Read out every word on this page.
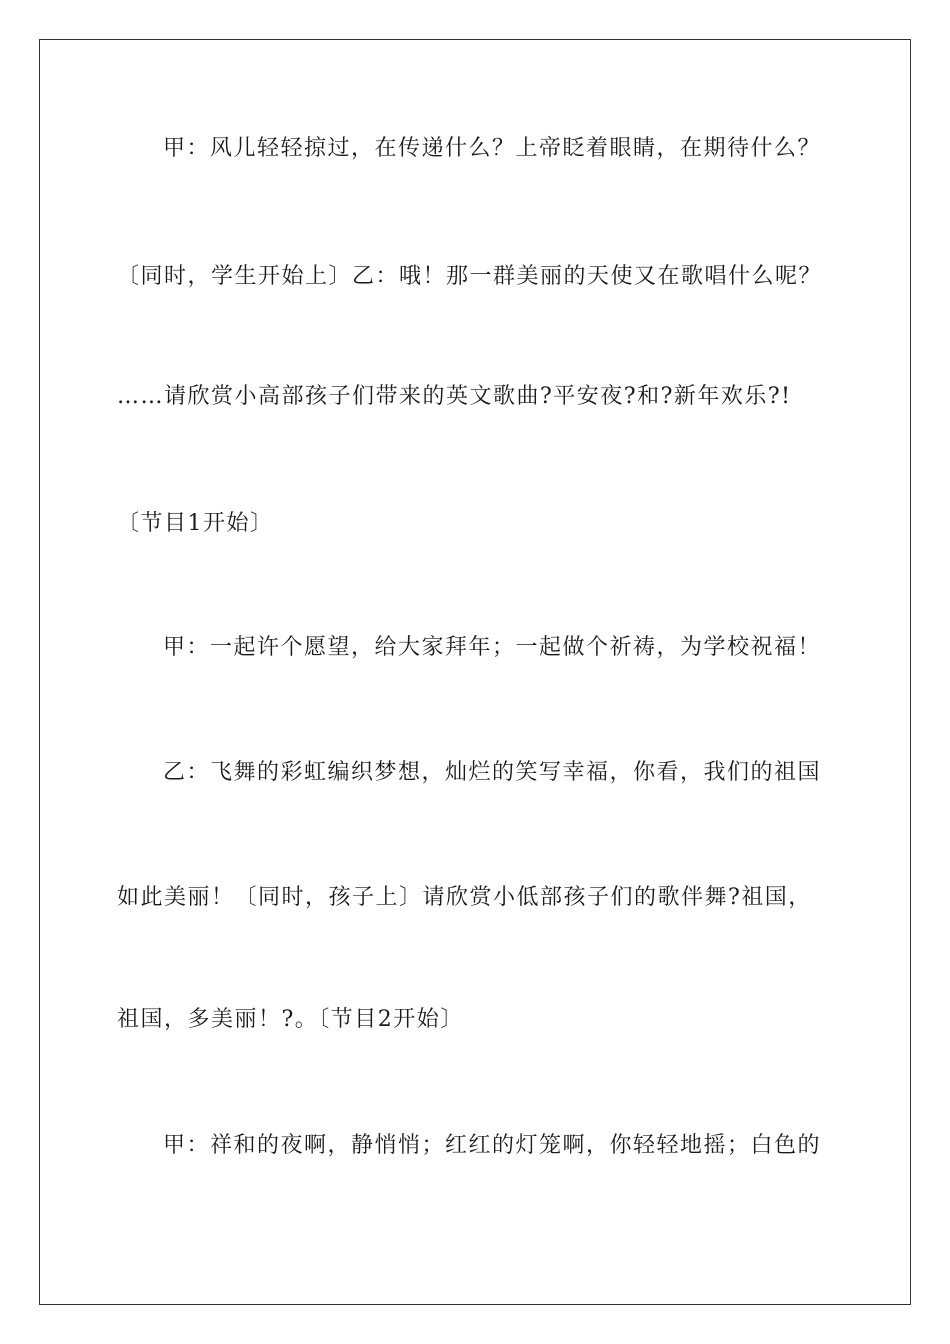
甲：风儿轻轻掠过，在传递什么？上帝眨着眼睛，在期待什么？
〔同时，学生开始上〕乙：哦！那一群美丽的天使又在歌唱什么呢？
……请欣赏小高部孩子们带来的英文歌曲?平安夜?和?新年欢乐?!
〔节目1开始〕
甲：一起许个愿望，给大家拜年；一起做个祈祷，为学校祝福！
乙：飞舞的彩虹编织梦想，灿烂的笑写幸福，你看，我们的祖国
如此美丽！〔同时，孩子上〕请欣赏小低部孩子们的歌伴舞?祖国，
祖国，多美丽！?。〔节目2开始〕
甲：祥和的夜啊，静悄悄；红红的灯笼啊，你轻轻地摇；白色的
